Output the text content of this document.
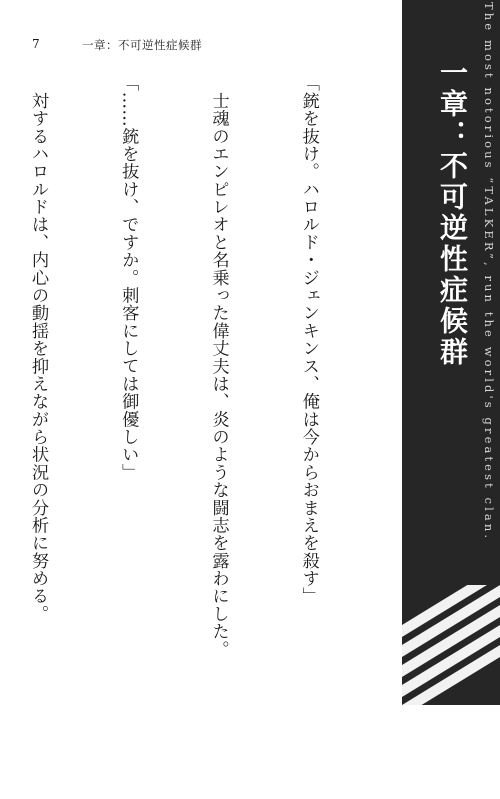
7	一章：不可逆性症候群

「銃を抜け。ハロルド・ジェンキンス、俺は今からおまえを殺す」

　士魂のエンピレオと名乗った偉丈夫は、炎のような闘志を露わにした。

「……銃を抜け、ですか。刺客にしては御優しい」

　対するハロルドは、内心の動揺を抑えながら状況の分析に努める。

	一章：不可逆性症候群 The most notorious “TALKER”, run the world's greatest clan.
